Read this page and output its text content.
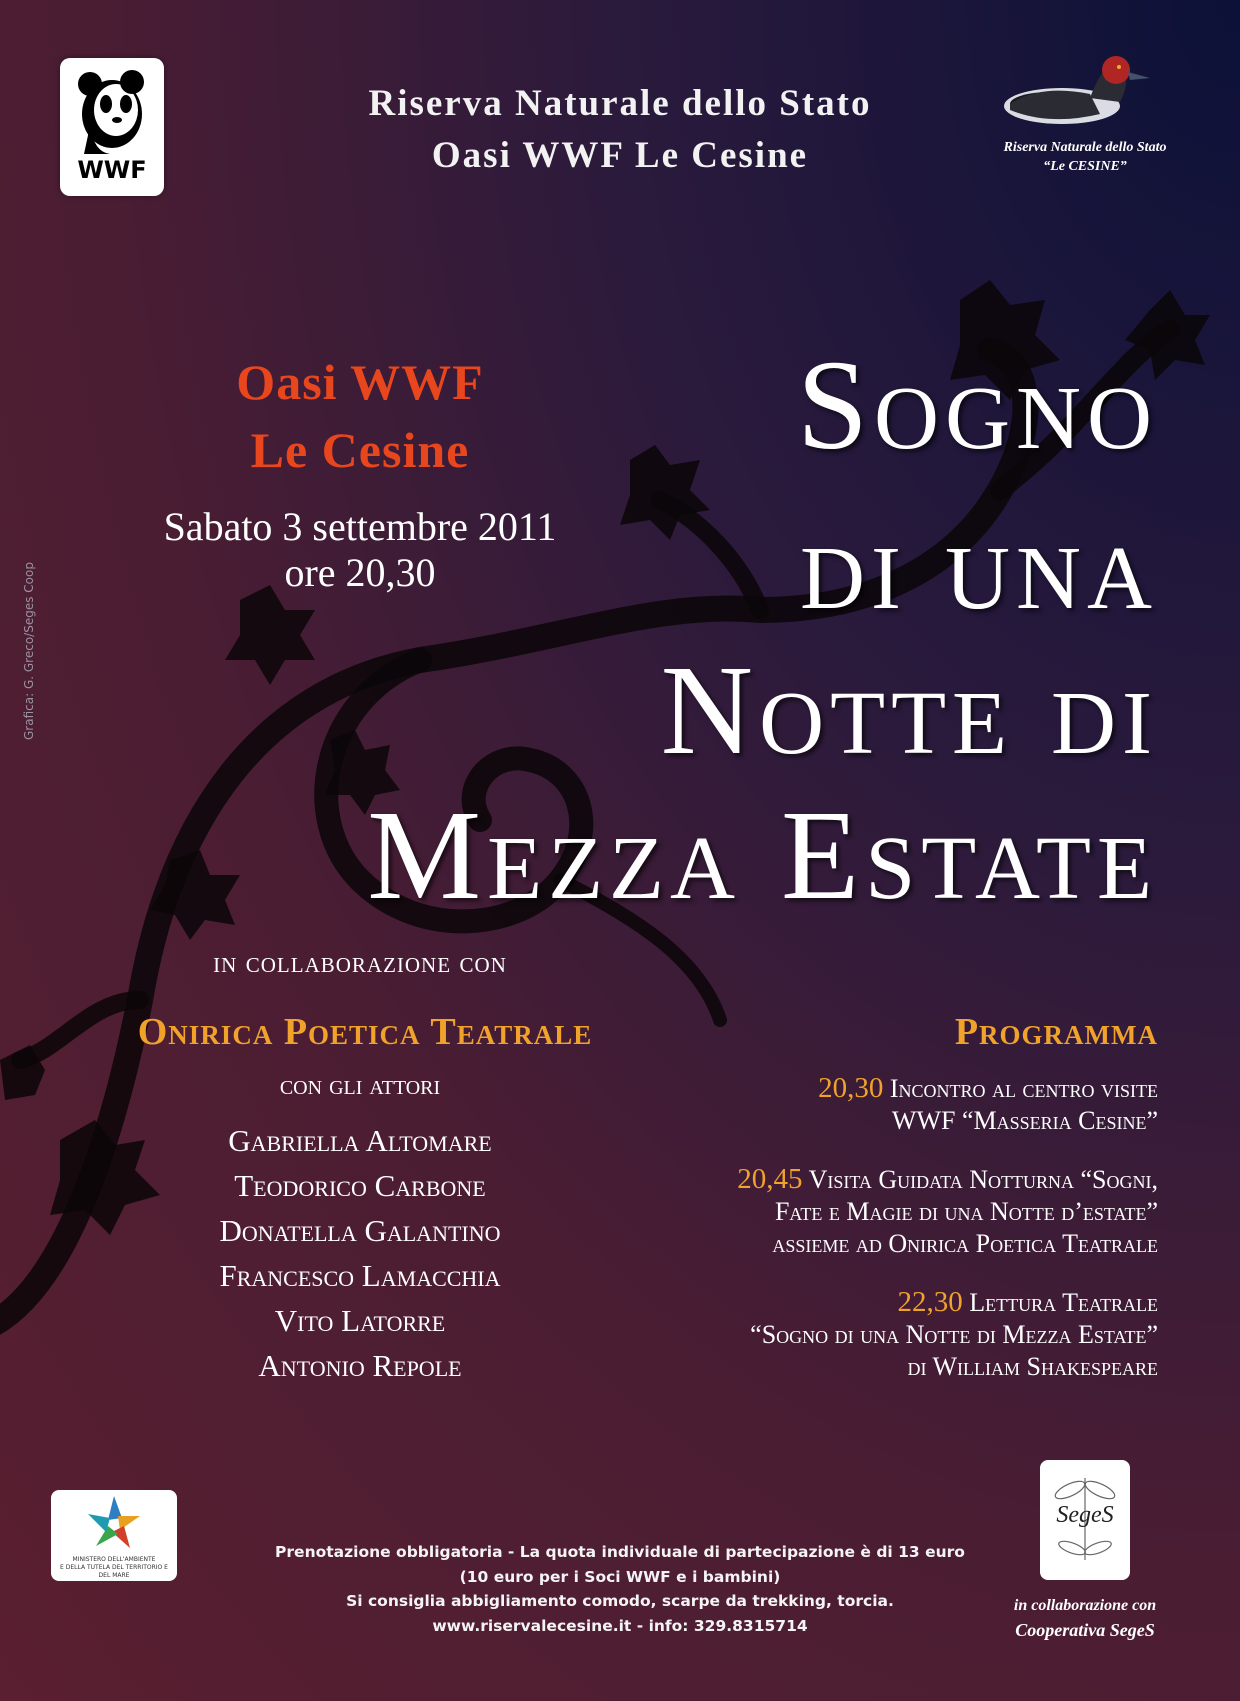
WWF
Riserva Naturale dello Stato
Oasi WWF Le Cesine	Riserva Naturale dello Stato
“Le CESINE”
Oasi WWF
Le Cesine
Sabato 3 settembre 2011
ore 20,30
Grafica: G. Greco/Seges Coop
Sogno
di una
Notte di
Mezza Estate
in collaborazione con
Onirica Poetica Teatrale
con gli attori
Gabriella Altomare
Teodorico Carbone
Donatella Galantino
Francesco Lamacchia
Vito Latorre
Antonio Repole
Programma
20,30 Incontro al centro visite
WWF “Masseria Cesine”
20,45 Visita Guidata Notturna “Sogni,
Fate e Magie di una Notte d’estate”
assieme ad Onirica Poetica Teatrale
22,30 Lettura Teatrale
“Sogno di una Notte di Mezza Estate”
di William Shakespeare
MINISTERO DELL'AMBIENTE
E DELLA TUTELA DEL TERRITORIO E DEL MARE
Prenotazione obbligatoria - La quota individuale di partecipazione è di 13 euro
(10 euro per i Soci WWF e i bambini)
Si consiglia abbigliamento comodo, scarpe da trekking, torcia.
www.riservalecesine.it - info: 329.8315714
SegeS
in collaborazione con
Cooperativa SegeS
